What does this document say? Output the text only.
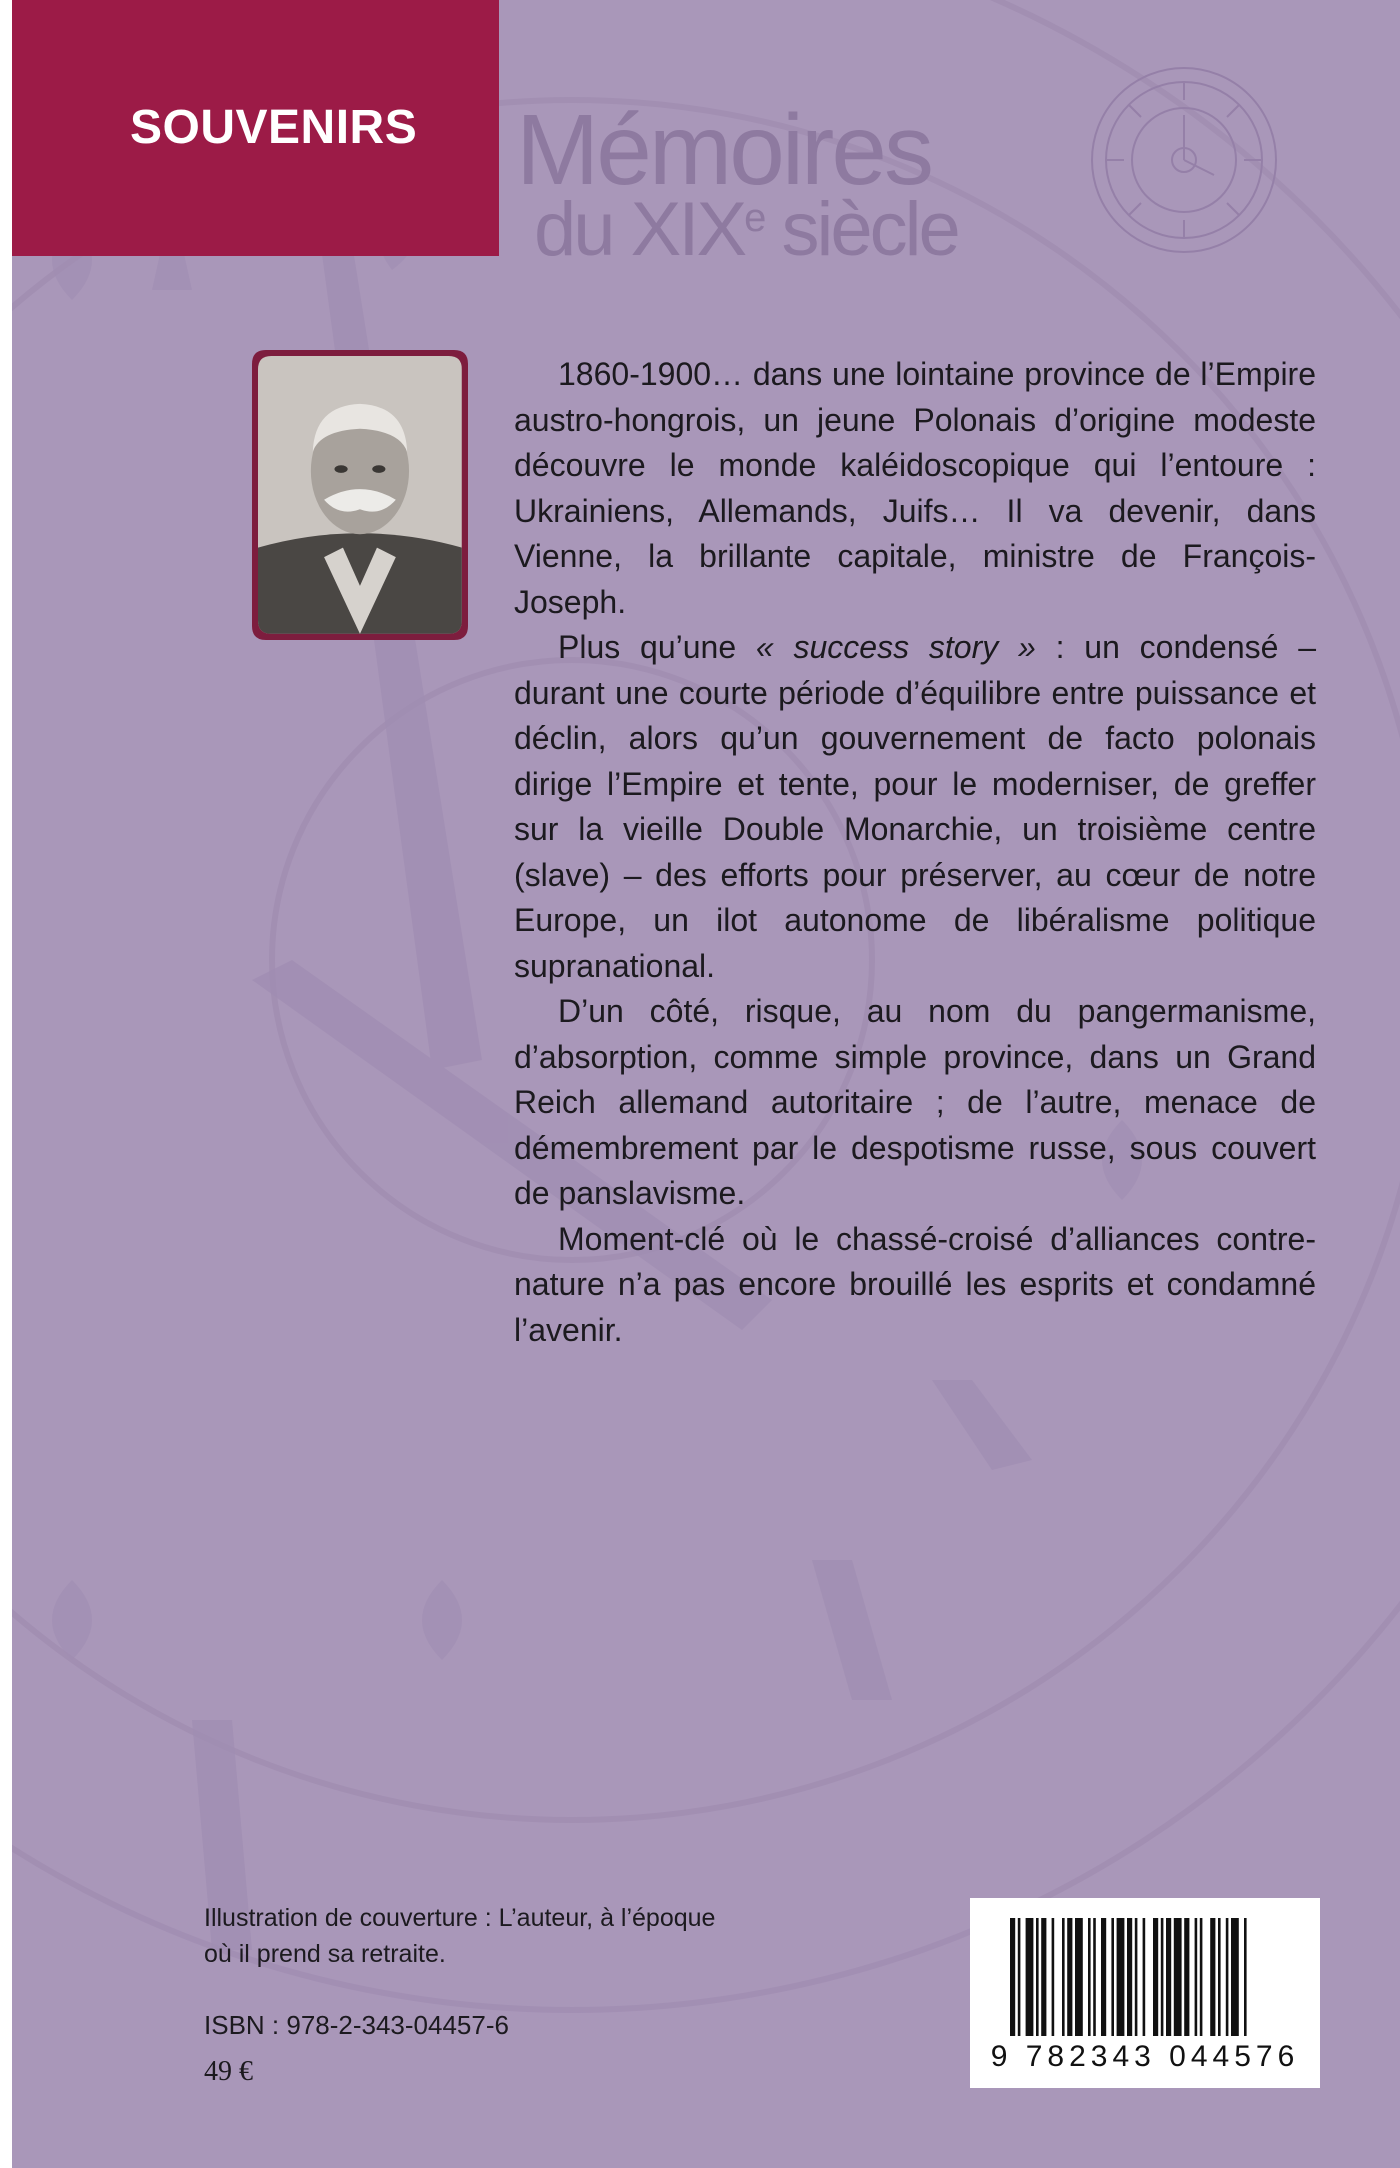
SOUVENIRS Mémoires
du XIXe siècle

1860-1900… dans une lointaine province de l’Empire austro-hongrois, un jeune Polonais d’origine modeste découvre le monde kaléidoscopique qui l’entoure : Ukrainiens, Allemands, Juifs… Il va devenir, dans Vienne, la brillante capitale, ministre de François-Joseph.

Plus qu’une « success story » : un condensé – durant une courte période d’équilibre entre puissance et déclin, alors qu’un gouvernement de facto polonais dirige l’Empire et tente, pour le moderniser, de greffer sur la vieille Double Monarchie, un troisième centre (slave) – des efforts pour préserver, au cœur de notre Europe, un ilot autonome de libéralisme politique supranational.

D’un côté, risque, au nom du pangermanisme, d’absorption, comme simple province, dans un Grand Reich allemand autoritaire ; de l’autre, menace de démembrement par le despotisme russe, sous couvert de panslavisme.

Moment-clé où le chassé-croisé d’alliances contre-nature n’a pas encore brouillé les esprits et condamné l’avenir.

Illustration de couverture : L’auteur, à l’époque
où il prend sa retraite.
ISBN : 978-2-343-04457-6
49 €	9 782343 044576
